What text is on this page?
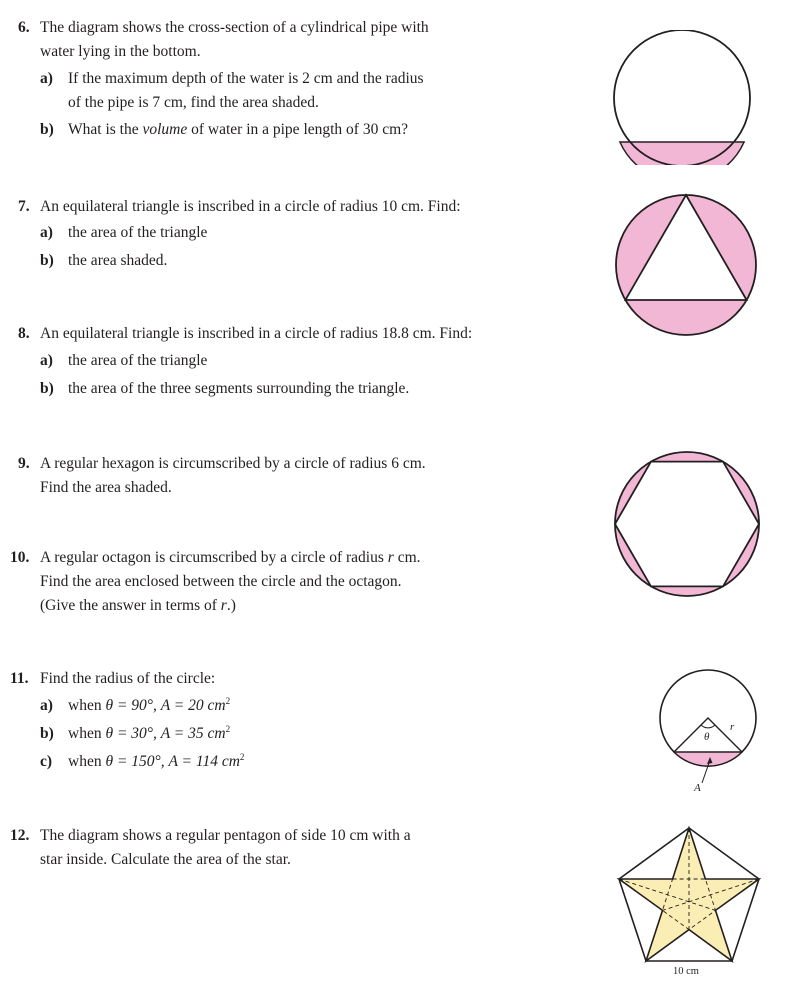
6. The diagram shows the cross-section of a cylindrical pipe with
water lying in the bottom.
a) If the maximum depth of the water is 2 cm and the radius
of the pipe is 7 cm, find the area shaded.
b) What is the volume of water in a pipe length of 30 cm?
7. An equilateral triangle is inscribed in a circle of radius 10 cm. Find:
a) the area of the triangle
b) the area shaded.
8. An equilateral triangle is inscribed in a circle of radius 18.8 cm. Find:
a) the area of the triangle
b) the area of the three segments surrounding the triangle.
9. A regular hexagon is circumscribed by a circle of radius 6 cm.
Find the area shaded.
10. A regular octagon is circumscribed by a circle of radius r cm.
Find the area enclosed between the circle and the octagon.
(Give the answer in terms of r.)
11. Find the radius of the circle:
a) when θ = 90°, A = 20 $cm^2$
b) when θ = 30°, A = 35 $cm^2$
c) when θ = 150°, A = 114 $cm^2$
12. The diagram shows a regular pentagon of side 10 cm with a
star inside. Calculate the area of the star.
θ
r
A
10 cm
